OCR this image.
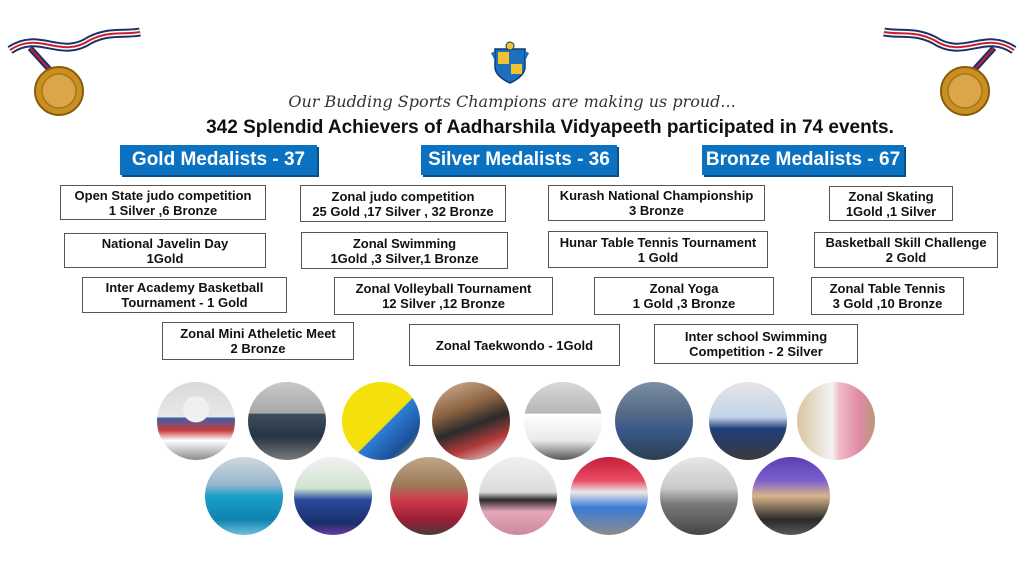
Our Budding Sports Champions are making us proud...
342 Splendid Achievers of Aadharshila Vidyapeeth participated in 74 events.
Gold Medalists - 37	Silver Medalists - 36	Bronze Medalists - 67
Open State judo competition
1 Silver ,6 Bronze
National Javelin Day
1Gold
Inter Academy Basketball
Tournament - 1 Gold
Zonal Mini Atheletic Meet
2 Bronze
Zonal judo competition
25 Gold ,17 Silver , 32 Bronze
Zonal Swimming
1Gold ,3 Silver,1 Bronze
Zonal Volleyball Tournament
12 Silver ,12 Bronze
Zonal Taekwondo - 1Gold
Kurash National Championship
3 Bronze
Hunar Table Tennis Tournament
1 Gold
Zonal Yoga
1 Gold ,3 Bronze
Inter school Swimming
Competition - 2 Silver
Zonal Skating
1Gold ,1 Silver
Basketball Skill Challenge
2 Gold
Zonal Table Tennis
3 Gold ,10 Bronze
